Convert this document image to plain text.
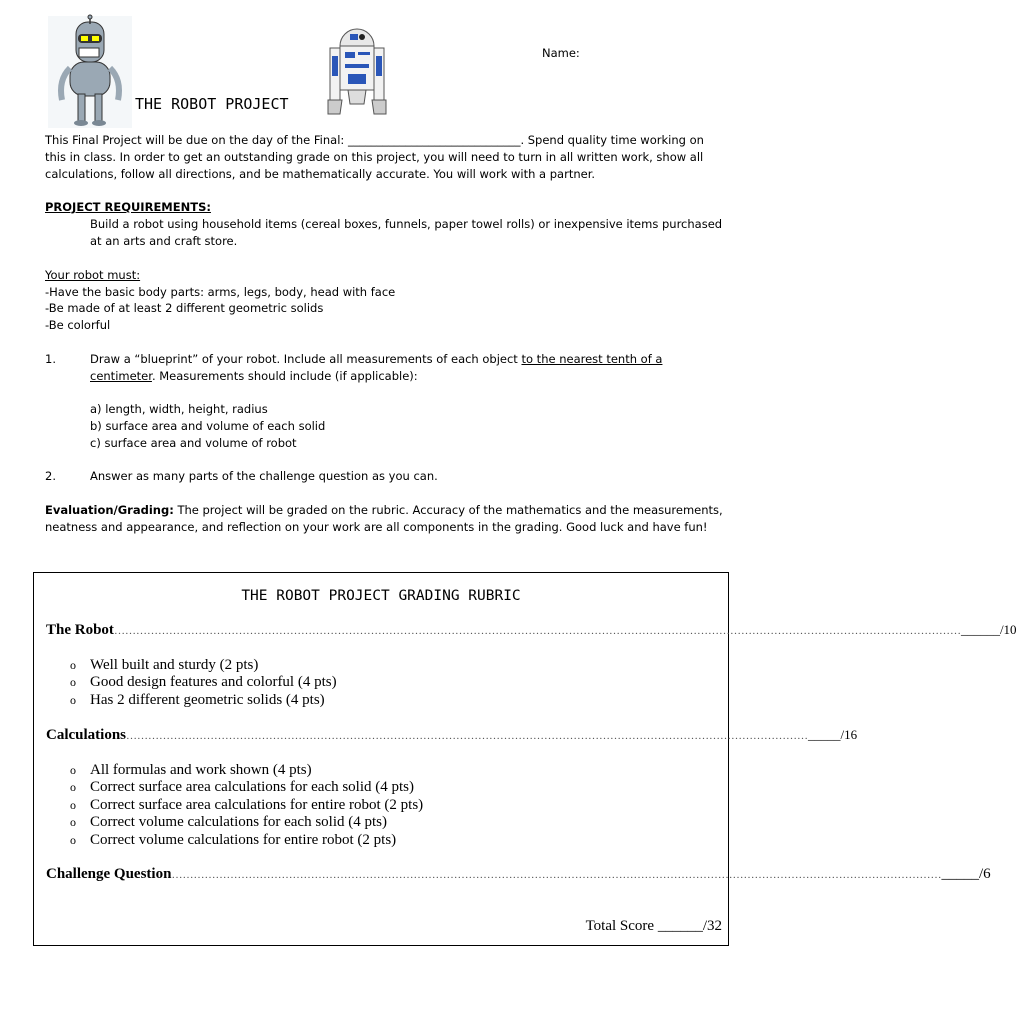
Name:
THE ROBOT PROJECT

This Final Project will be due on the day of the Final: ______________________________. Spend quality time working on this in class. In order to get an outstanding grade on this project, you will need to turn in all written work, show all calculations, follow all directions, and be mathematically accurate. You will work with a partner.

PROJECT REQUIREMENTS:

Build a robot using household items (cereal boxes, funnels, paper towel rolls) or inexpensive items purchased at an arts and craft store.

Your robot must:
-Have the basic body parts: arms, legs, body, head with face
-Be made of at least 2 different geometric solids
-Be colorful
1.	Draw a “blueprint” of your robot. Include all measurements of each object to the nearest tenth of a centimeter. Measurements should include (if applicable):
a) length, width, height, radius
b) surface area and volume of each solid
c) surface area and volume of robot
2.	Answer as many parts of the challenge question as you can.

Evaluation/Grading: The project will be graded on the rubric. Accuracy of the mathematics and the measurements, neatness and appearance, and reflection on your work are all components in the grading. Good luck and have fun!

THE ROBOT PROJECT GRADING RUBRIC
The Robot……………………………………………………………………………………………………………………………………………………………………………………………………………______/10
o Well built and sturdy (2 pts)
o Good design features and colorful (4 pts)
o Has 2 different geometric solids (4 pts)
Calculations……………………………………………………………………………………………………………………………………………………………………_____/16
o All formulas and work shown (4 pts)
o Correct surface area calculations for each solid (4 pts)
o Correct surface area calculations for entire robot (2 pts)
o Correct volume calculations for each solid (4 pts)
o Correct volume calculations for entire robot (2 pts)
Challenge Question…………………………………………………………………………………………………………………………………………………………………………………………_____/6
Total Score ______/32
